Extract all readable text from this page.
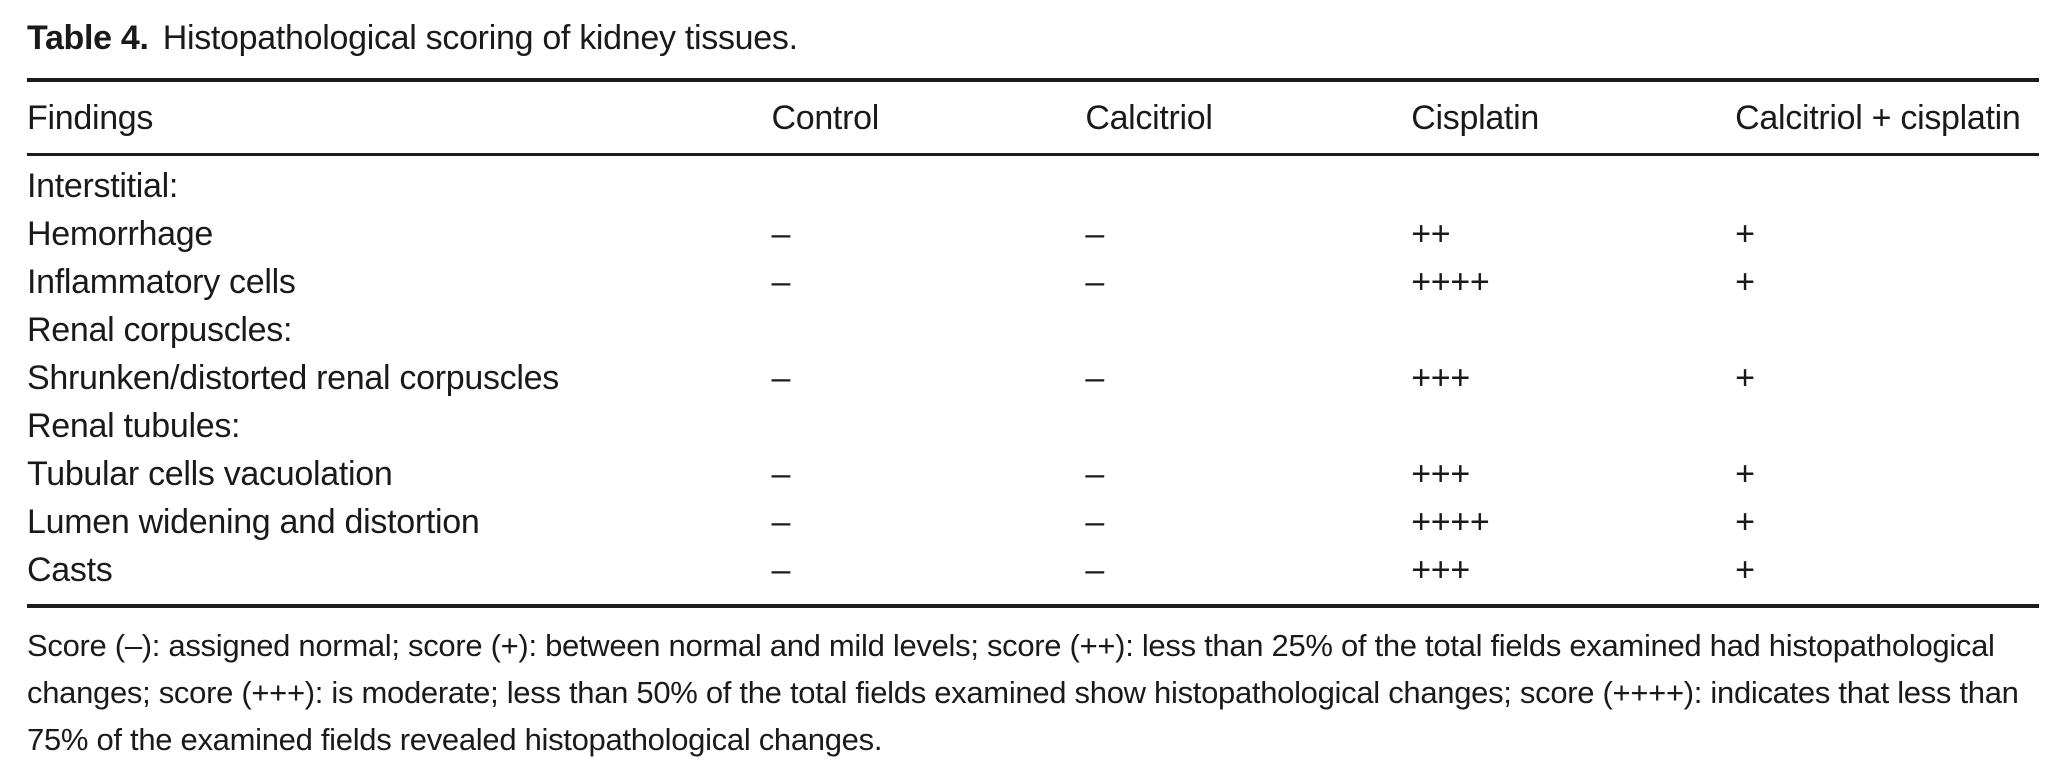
Table 4. Histopathological scoring of kidney tissues.
Findings	Control	Calcitriol	Cisplatin	Calcitriol + cisplatin
Interstitial:				
Hemorrhage	–	–	++	+
Inflammatory cells	–	–	++++	+
Renal corpuscles:				
Shrunken/distorted renal corpuscles	–	–	+++	+
Renal tubules:				
Tubular cells vacuolation	–	–	+++	+
Lumen widening and distortion	–	–	++++	+
Casts	–	–	+++	+

Score (–): assigned normal; score (+): between normal and mild levels; score (++): less than 25% of the total fields examined had histopathological changes; score (+++): is moderate; less than 50% of the total fields examined show histopathological changes; score (++++): indicates that less than 75% of the examined fields revealed histopathological changes.
